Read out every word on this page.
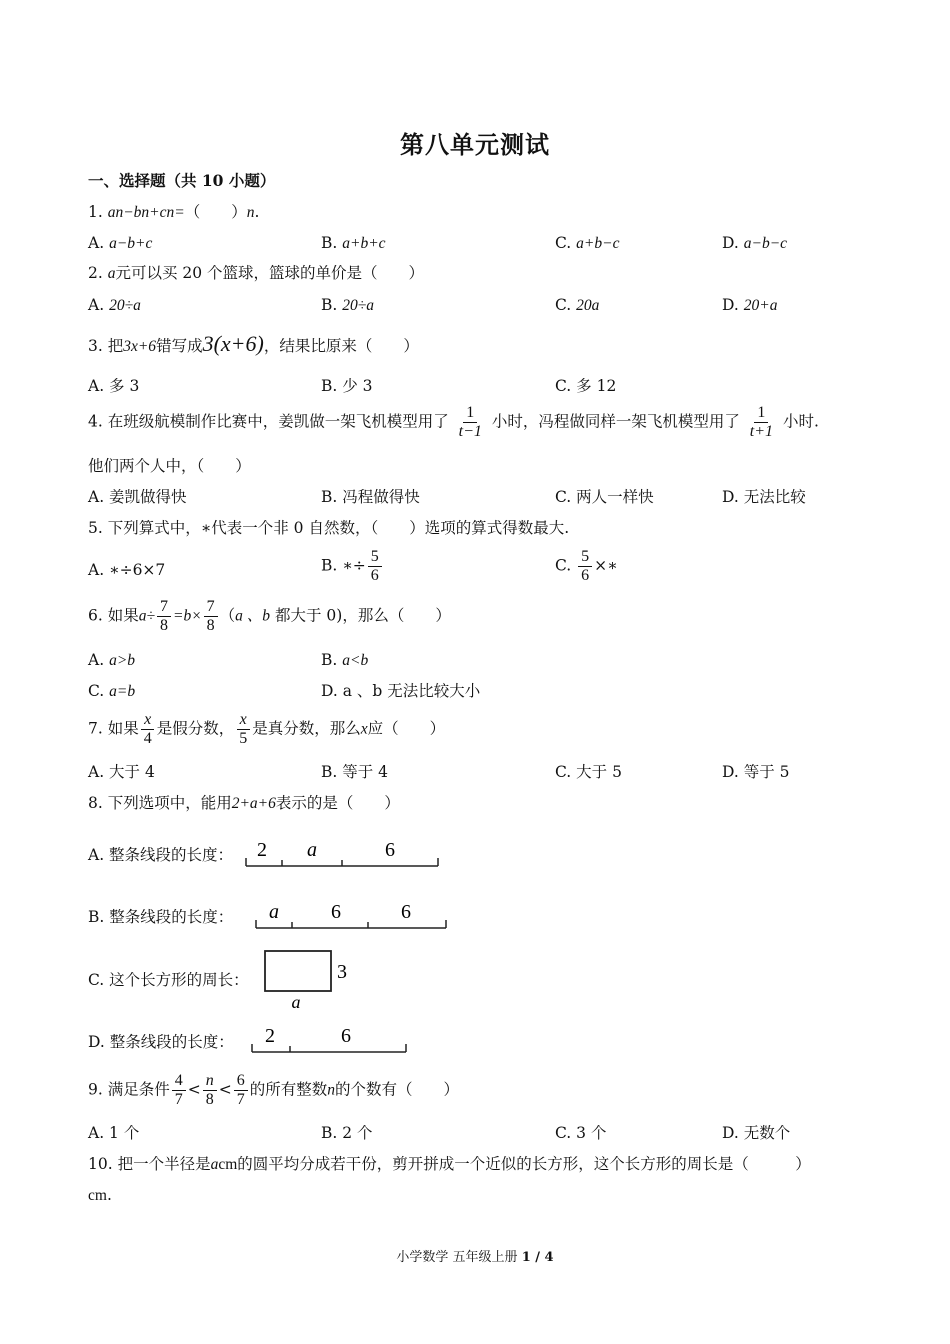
第八单元测试
一、选择题（共 10 小题）
1. an−bn+cn=（　　）n.
A. a−b+c	B. a+b+c	C. a+b−c	D. a−b−c
2. a元可以买 20 个篮球，篮球的单价是（　　）
A. 20÷a	B. 20÷a	C. 20a	D. 20+a
3. 把3x+6错写成3(x+6)，结果比原来（　　）
A. 多 3	B. 少 3	C. 多 12
4. 在班级航模制作比赛中，姜凯做一架飞机模型用了 $\frac{1}{t-1}$ 小时，冯程做同样一架飞机模型用了 $\frac{1}{t+1}$ 小时.
他们两个人中，（　　）
A. 姜凯做得快	B. 冯程做得快	C. 两人一样快	D. 无法比较
5. 下列算式中，∗代表一个非 0 自然数，（　　）选项的算式得数最大.
A. ∗÷6×7	B. ∗÷ $\frac{5}{6}$	C. $\frac{5}{6}$ ×∗
6. 如果$a\div \frac{7}{8} =b\times \frac{7}{8} (a$ 、b 都大于 0)，那么（　　）
A. a>b	B. a<b
C. a=b	D. a 、b 无法比较大小
7. 如果 $\frac{x}{4}$ 是假分数， $\frac{x}{5}$ 是真分数，那么x应（　　）
A. 大于 4	B. 等于 4	C. 大于 5	D. 等于 5
8. 下列选项中，能用2+a+6表示的是（　　）
A. 整条线段的长度： 2 a	6
B. 整条线段的长度： a	6	6
C. 这个长方形的周长：	3
a
D. 整条线段的长度： 2	6
9. 满足条件 $\frac{4}{7} < \frac{n}{8} < \frac{6}{7}$ 的所有整数n的个数有（　　）
A. 1 个	B. 2 个	C. 3 个	D. 无数个
10. 把一个半径是acm的圆平均分成若干份，剪开拼成一个近似的长方形，这个长方形的周长是（　　　）
cm.
小学数学 五年级上册 1 / 4
